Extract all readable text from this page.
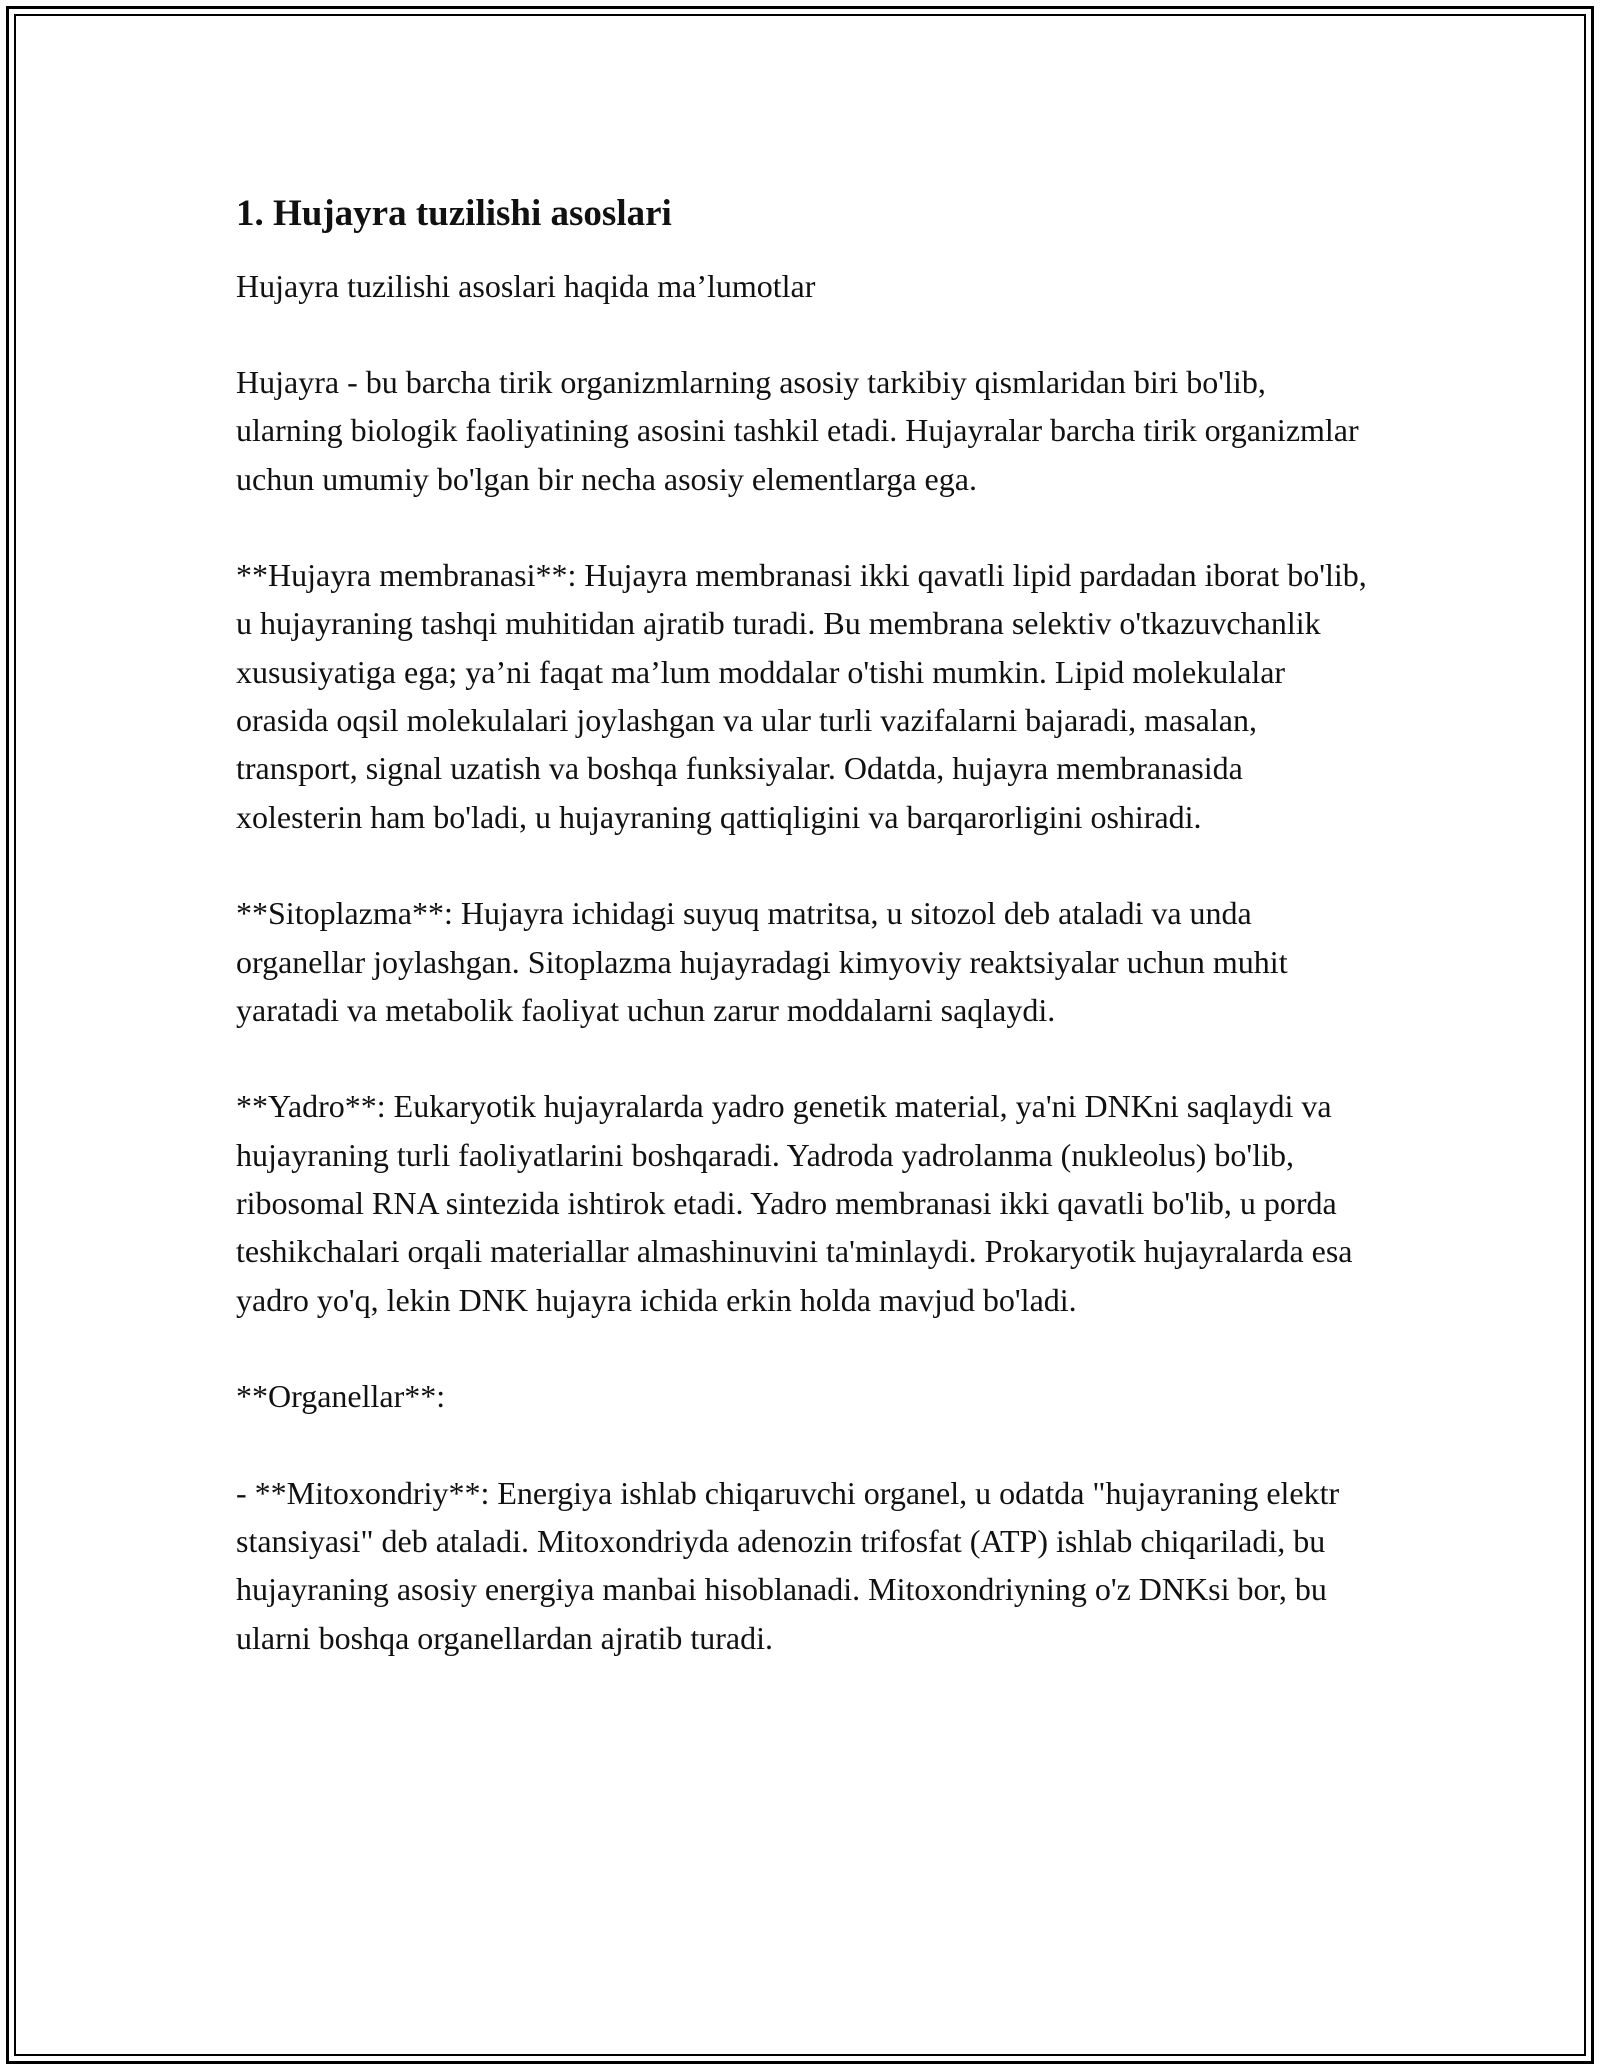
1. Hujayra tuzilishi asoslari

Hujayra tuzilishi asoslari haqida ma’lumotlar

Hujayra - bu barcha tirik organizmlarning asosiy tarkibiy qismlaridan biri bo'lib, ularning biologik faoliyatining asosini tashkil etadi. Hujayralar barcha tirik organizmlar uchun umumiy bo'lgan bir necha asosiy elementlarga ega.

**Hujayra membranasi**: Hujayra membranasi ikki qavatli lipid pardadan iborat bo'lib, u hujayraning tashqi muhitidan ajratib turadi. Bu membrana selektiv o'tkazuvchanlik xususiyatiga ega; ya’ni faqat ma’lum moddalar o'tishi mumkin. Lipid molekulalar orasida oqsil molekulalari joylashgan va ular turli vazifalarni bajaradi, masalan, transport, signal uzatish va boshqa funksiyalar. Odatda, hujayra membranasida xolesterin ham bo'ladi, u hujayraning qattiqligini va barqarorligini oshiradi.

**Sitoplazma**: Hujayra ichidagi suyuq matritsa, u sitozol deb ataladi va unda organellar joylashgan. Sitoplazma hujayradagi kimyoviy reaktsiyalar uchun muhit yaratadi va metabolik faoliyat uchun zarur moddalarni saqlaydi.

**Yadro**: Eukaryotik hujayralarda yadro genetik material, ya'ni DNKni saqlaydi va hujayraning turli faoliyatlarini boshqaradi. Yadroda yadrolanma (nukleolus) bo'lib, ribosomal RNA sintezida ishtirok etadi. Yadro membranasi ikki qavatli bo'lib, u porda teshikchalari orqali materiallar almashinuvini ta'minlaydi. Prokaryotik hujayralarda esa yadro yo'q, lekin DNK hujayra ichida erkin holda mavjud bo'ladi.

**Organellar**:

- **Mitoxondriy**: Energiya ishlab chiqaruvchi organel, u odatda "hujayraning elektr stansiyasi" deb ataladi. Mitoxondriyda adenozin trifosfat (ATP) ishlab chiqariladi, bu hujayraning asosiy energiya manbai hisoblanadi. Mitoxondriyning o'z DNKsi bor, bu ularni boshqa organellardan ajratib turadi.
